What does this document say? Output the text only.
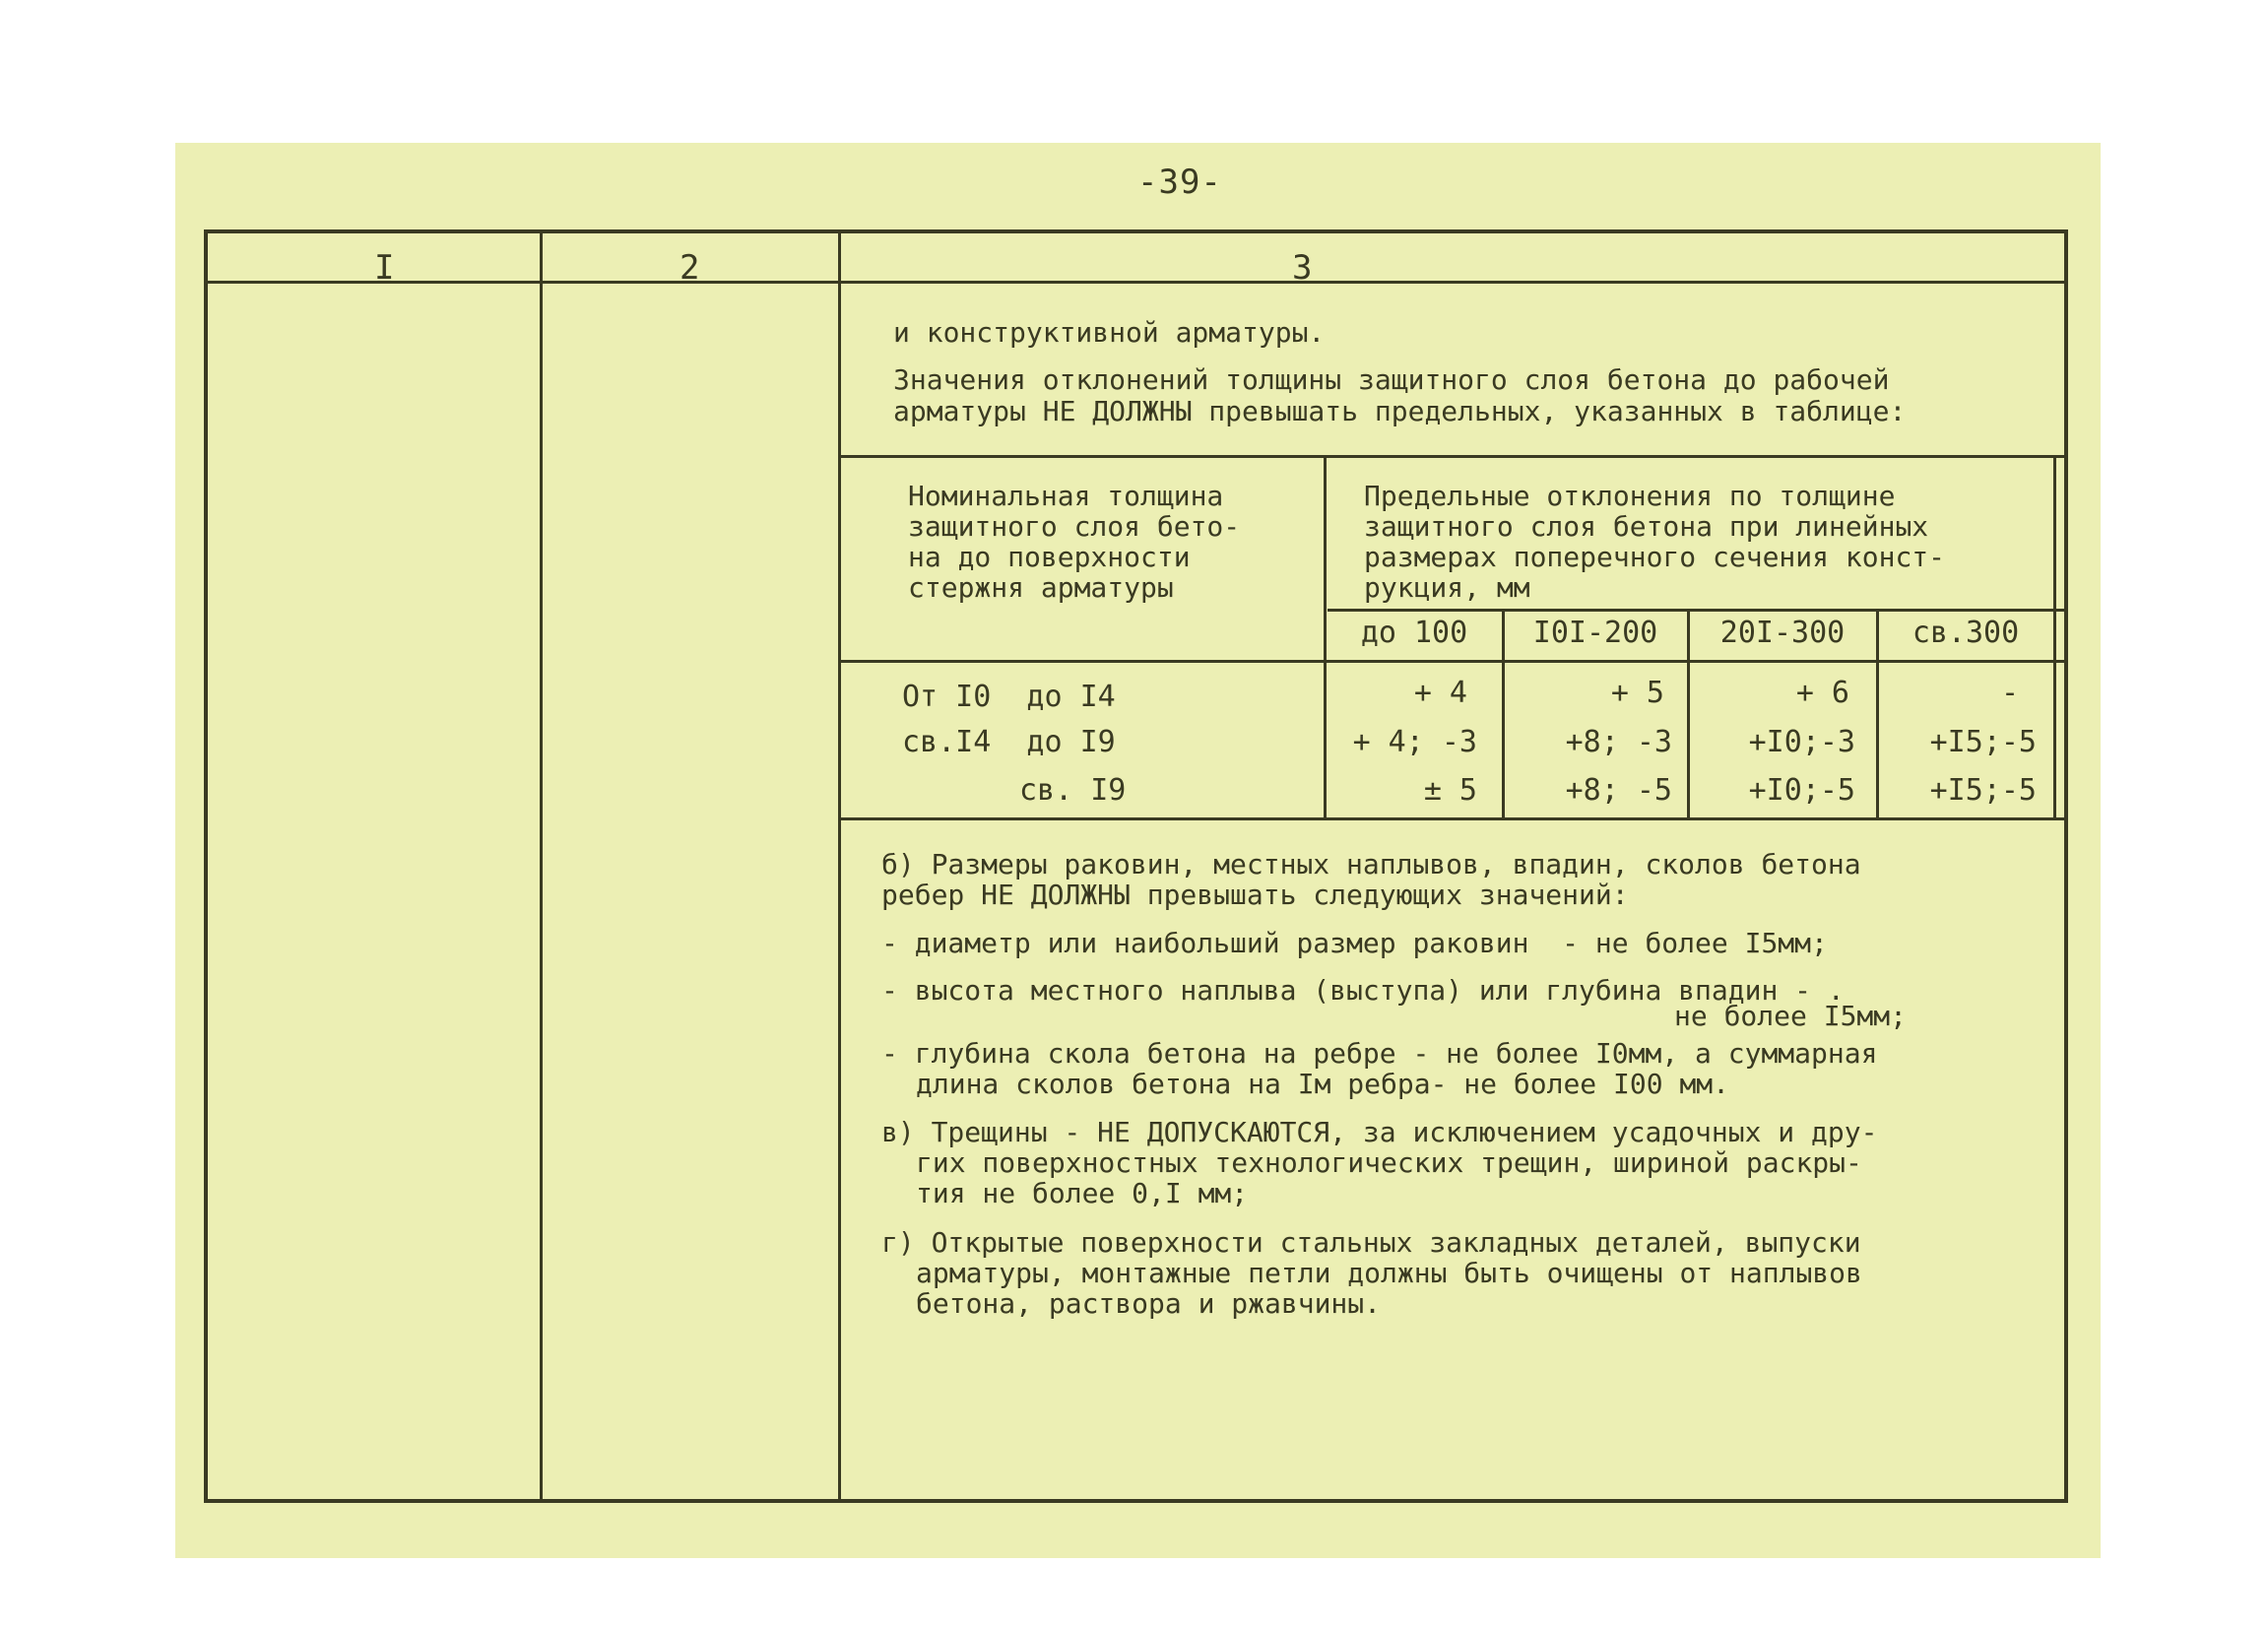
-39-
I	2	3
и конструктивной арматуры.
Значения отклонений толщины защитного слоя бетона до рабочей
арматуры НЕ ДОЛЖНЫ превышать предельных, указанных в таблице:
Номинальная толщина
защитного слоя бето-
на до поверхности
стержня арматуры
Предельные отклонения по толщине
защитного слоя бетона при линейных
размерах поперечного сечения конст-
рукция, мм
до 100	I0I-200	20I-300	св.300
От I0  до I4	+ 4	+ 5	+ 6	-
св.I4  до I9	+ 4; -3	+8; -3	+I0;-3	+I5;-5
св. I9	± 5	+8; -5	+I0;-5	+I5;-5
б) Размеры раковин, местных наплывов, впадин, сколов бетона
ребер НЕ ДОЛЖНЫ превышать следующих значений:
- диаметр или наибольший размер раковин  - не более I5мм;
- высота местного наплыва (выступа) или глубина впадин - .
не более I5мм;
- глубина скола бетона на ребре - не более I0мм, а суммарная
длина сколов бетона на Iм ребра- не более I00 мм.
в) Трещины - НЕ ДОПУСКАЮТСЯ, за исключением усадочных и дру-
гих поверхностных технологических трещин, шириной раскры-
тия не более 0,I мм;
г) Открытые поверхности стальных закладных деталей, выпуски
арматуры, монтажные петли должны быть очищены от наплывов
бетона, раствора и ржавчины.
